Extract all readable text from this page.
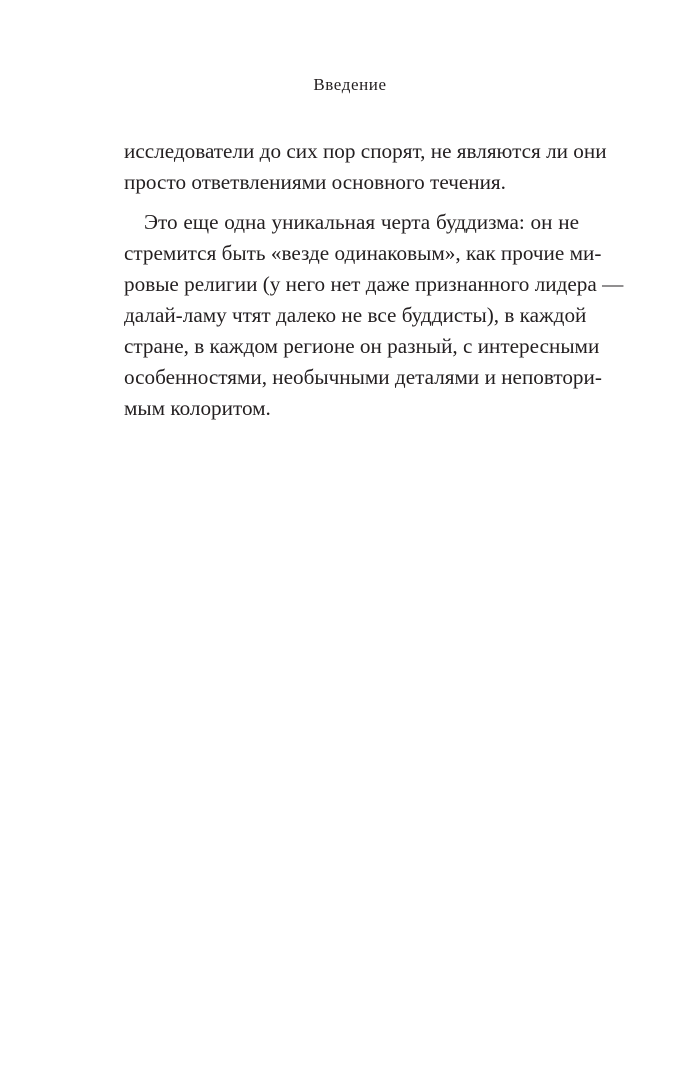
Введение
исследователи до сих пор спорят, не являются ли они
просто ответвлениями основного течения.
Это еще одна уникальная черта буддизма: он не
стремится быть «везде одинаковым», как прочие ми-
ровые религии (у него нет даже признанного лидера —
далай-ламу чтят далеко не все буддисты), в каждой
стране, в каждом регионе он разный, с интересными
особенностями, необычными деталями и неповтори-
мым колоритом.
